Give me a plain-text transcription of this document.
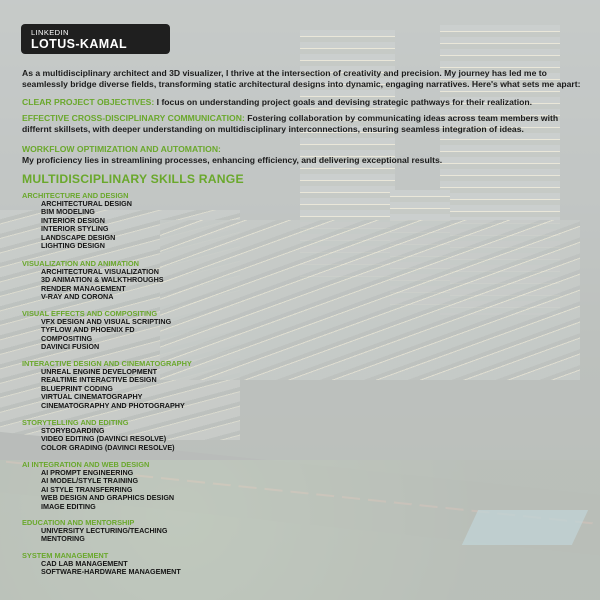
LINKEDIN
LOTUS-KAMAL
As a multidisciplinary architect and 3D visualizer, I thrive at the intersection of creativity and precision. My journey has led me to seamlessly bridge diverse fields, transforming static architectural designs into dynamic, engaging narratives. Here's what sets me apart:
CLEAR PROJECT OBJECTIVES: I focus on understanding project goals and devising strategic pathways for their realization.
EFFECTIVE CROSS-DISCIPLINARY COMMUNICATION: Fostering collaboration by communicating ideas across team members with differnt skillsets, with deeper understanding on multidisciplinary interconnections, ensuring seamless integration of ideas.
WORKFLOW OPTIMIZATION AND AUTOMATION:
My proficiency lies in streamlining processes, enhancing efficiency, and delivering exceptional results.
MULTIDISCIPLINARY SKILLS RANGE
ARCHITECTURE AND DESIGN
ARCHITECTURAL DESIGN
BIM MODELING
INTERIOR DESIGN
INTERIOR STYLING
LANDSCAPE DESIGN
LIGHTING DESIGN
VISUALIZATION AND ANIMATION
ARCHITECTURAL VISUALIZATION
3D ANIMATION & WALKTHROUGHS
RENDER MANAGEMENT
V-RAY AND CORONA
VISUAL EFFECTS AND COMPOSITING
VFX DESIGN AND VISUAL SCRIPTING
TYFLOW AND PHOENIX FD
COMPOSITING
DAVINCI FUSION
INTERACTIVE DESIGN AND CINEMATOGRAPHY
UNREAL ENGINE DEVELOPMENT
REALTIME INTERACTIVE DESIGN
BLUEPRINT CODING
VIRTUAL CINEMATOGRAPHY
CINEMATOGRAPHY AND PHOTOGRAPHY
STORYTELLING AND EDITING
STORYBOARDING
VIDEO EDITING (DAVINCI RESOLVE)
COLOR GRADING (DAVINCI RESOLVE)
AI INTEGRATION AND WEB DESIGN
AI PROMPT ENGINEERING
AI MODEL/STYLE TRAINING
AI STYLE TRANSFERRING
WEB DESIGN AND GRAPHICS DESIGN
IMAGE EDITING
EDUCATION AND MENTORSHIP
UNIVERSITY LECTURING/TEACHING
MENTORING
SYSTEM MANAGEMENT
CAD LAB MANAGEMENT
SOFTWARE-HARDWARE MANAGEMENT
